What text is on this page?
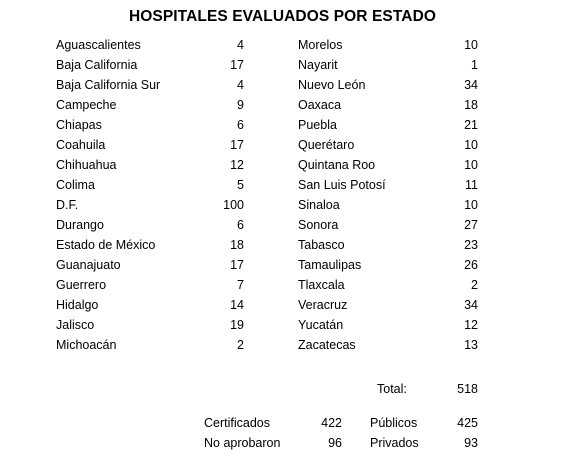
HOSPITALES EVALUADOS POR ESTADO
Aguascalientes	4	Morelos	10
Baja California	17	Nayarit	1
Baja California Sur	4	Nuevo León	34
Campeche	9	Oaxaca	18
Chiapas	6	Puebla	21
Coahuila	17	Querétaro	10
Chihuahua	12	Quintana Roo	10
Colima	5	San Luis Potosí	11
D.F.	100	Sinaloa	10
Durango	6	Sonora	27
Estado de México	18	Tabasco	23
Guanajuato	17	Tamaulipas	26
Guerrero	7	Tlaxcala	2
Hidalgo	14	Veracruz	34
Jalisco	19	Yucatán	12
Michoacán	2	Zacatecas	13
Total:	518
Certificados	422 Públicos	425
No aprobaron	96 Privados	93
